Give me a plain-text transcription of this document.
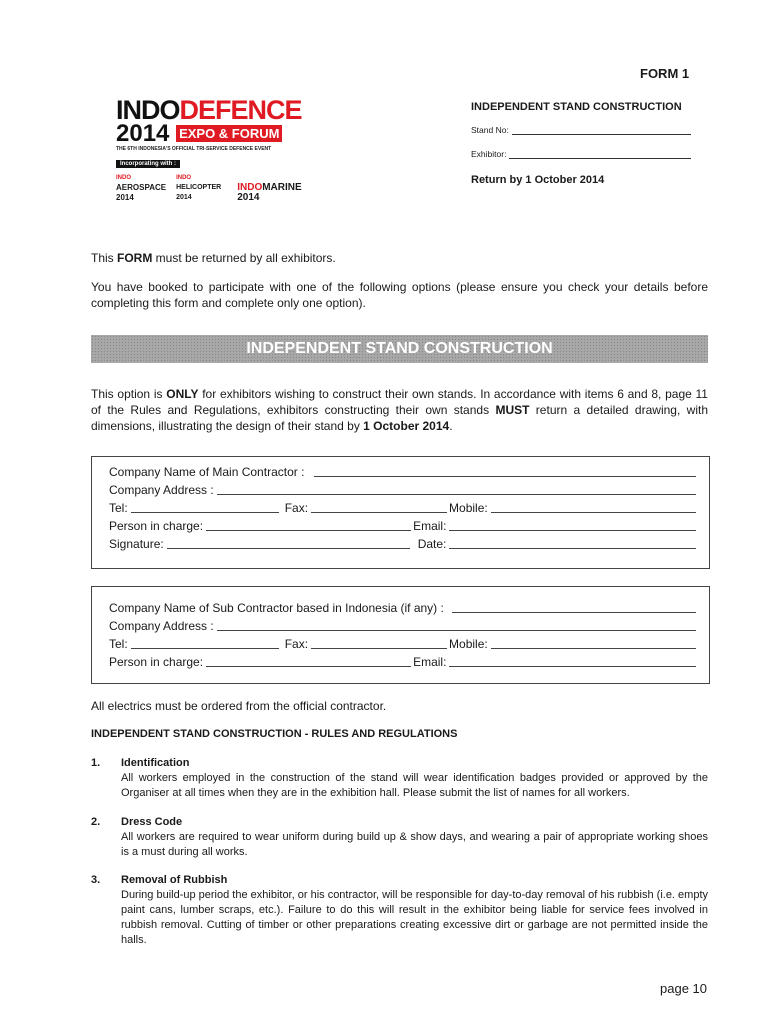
FORM 1
INDODEFENCE
2014 EXPO & FORUM
THE 6TH INDONESIA'S OFFICIAL TRI-SERVICE DEFENCE EVENT
Incorporating with :
INDO
AEROSPACE
2014
INDO
HELICOPTER
2014
INDOMARINE
2014
INDEPENDENT STAND CONSTRUCTION
Stand No:
Exhibitor:
Return by 1 October 2014
This FORM must be returned by all exhibitors.
You have booked to participate with one of the following options (please ensure you check your details before completing this form and complete only one option).
INDEPENDENT STAND CONSTRUCTION
This option is ONLY for exhibitors wishing to construct their own stands. In accordance with items 6 and 8, page 11 of the Rules and Regulations, exhibitors constructing their own stands MUST return a detailed drawing, with dimensions, illustrating the design of their stand by 1 October 2014.
Company Name of Main Contractor :
Company Address :
Tel:	Fax:	Mobile:
Person in charge:	Email:
Signature:	Date:
Company Name of Sub Contractor based in Indonesia (if any) :
Company Address :
Tel:	Fax:	Mobile:
Person in charge:	Email:
All electrics must be ordered from the official contractor.
INDEPENDENT STAND CONSTRUCTION - RULES AND REGULATIONS
1. Identification
All workers employed in the construction of the stand will wear identification badges provided or approved by the Organiser at all times when they are in the exhibition hall. Please submit the list of names for all workers.
2. Dress Code
All workers are required to wear uniform during build up & show days, and wearing a pair of appropriate working shoes is a must during all works.
3. Removal of Rubbish
During build-up period the exhibitor, or his contractor, will be responsible for day-to-day removal of his rubbish (i.e. empty paint cans, lumber scraps, etc.). Failure to do this will result in the exhibitor being liable for service fees involved in rubbish removal. Cutting of timber or other preparations creating excessive dirt or garbage are not permitted inside the halls.
page 10
